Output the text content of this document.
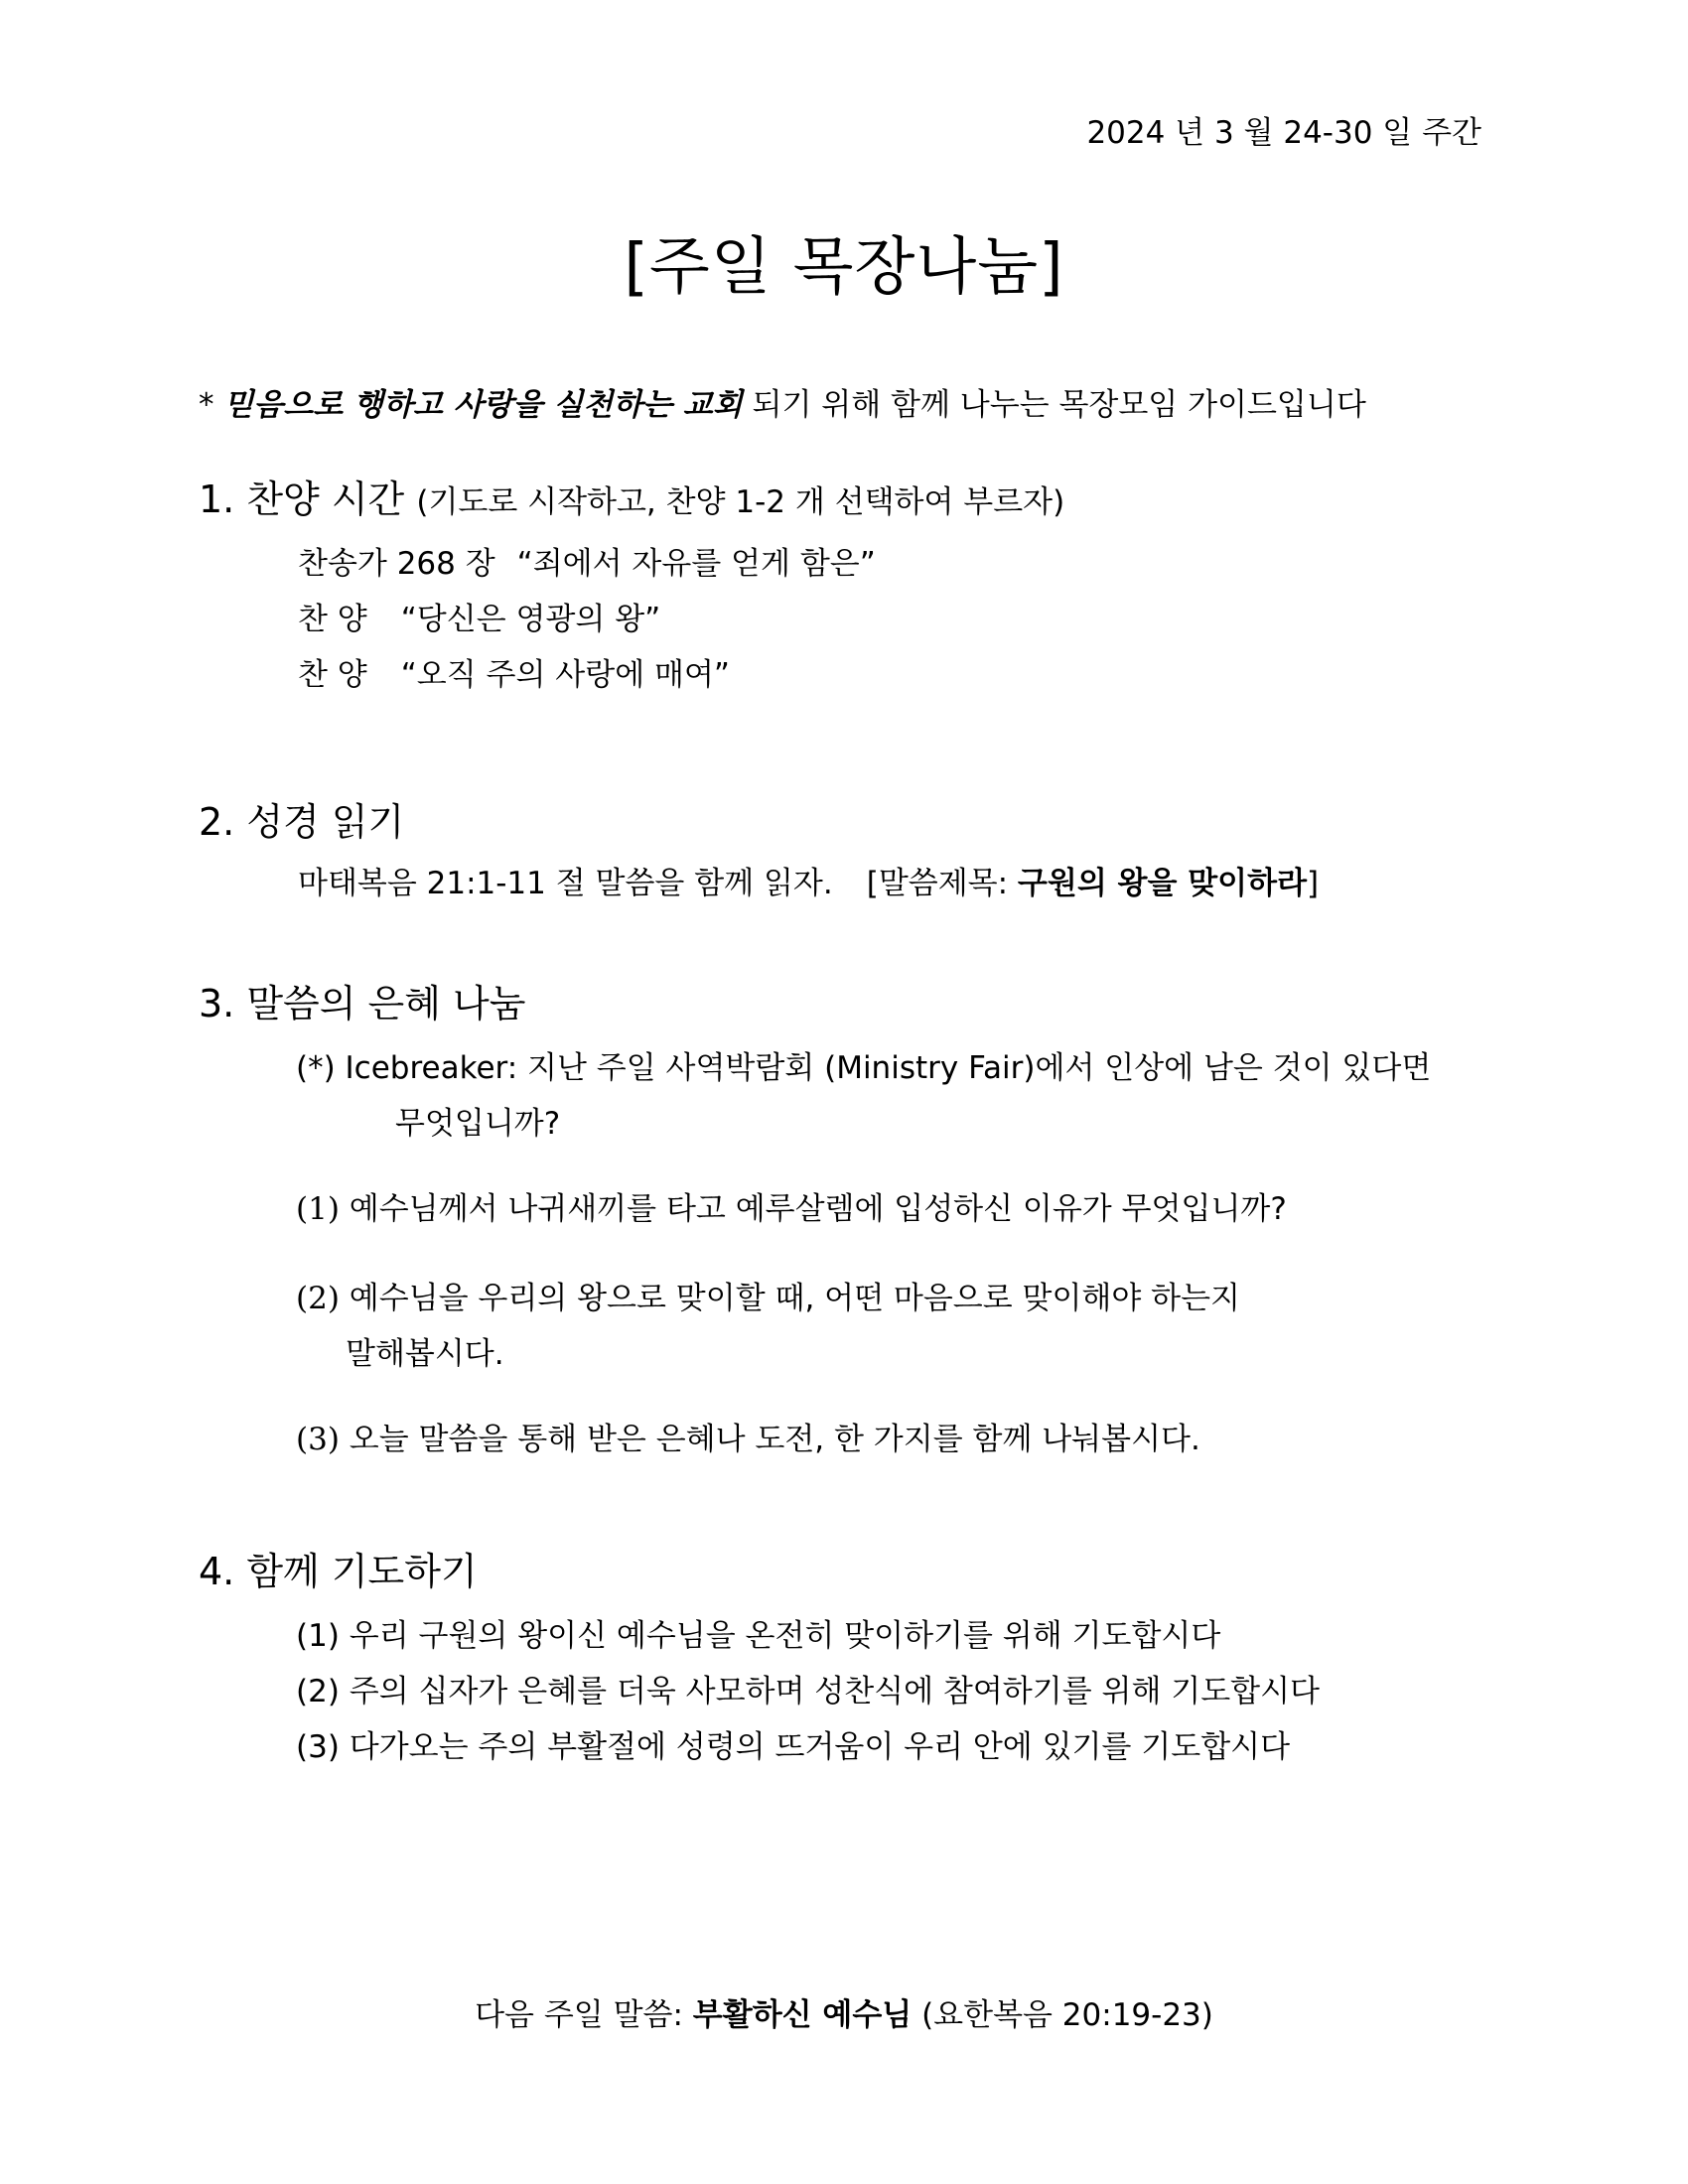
2024 년 3 월 24-30 일 주간
[주일 목장나눔]
* 믿음으로 행하고 사랑을 실천하는 교회 되기 위해 함께 나누는 목장모임 가이드입니다
1. 찬양 시간 (기도로 시작하고, 찬양 1-2 개 선택하여 부르자)
찬송가 268 장 “죄에서 자유를 얻게 함은”
찬 양 “당신은 영광의 왕”
찬 양 “오직 주의 사랑에 매여”
2. 성경 읽기
마태복음 21:1-11 절 말씀을 함께 읽자. [말씀제목: 구원의 왕을 맞이하라]
3. 말씀의 은혜 나눔
(*) Icebreaker: 지난 주일 사역박람회 (Ministry Fair)에서 인상에 남은 것이 있다면
무엇입니까?
(1) 예수님께서 나귀새끼를 타고 예루살렘에 입성하신 이유가 무엇입니까?
(2) 예수님을 우리의 왕으로 맞이할 때, 어떤 마음으로 맞이해야 하는지
말해봅시다.
(3) 오늘 말씀을 통해 받은 은혜나 도전, 한 가지를 함께 나눠봅시다.
4. 함께 기도하기
(1) 우리 구원의 왕이신 예수님을 온전히 맞이하기를 위해 기도합시다
(2) 주의 십자가 은혜를 더욱 사모하며 성찬식에 참여하기를 위해 기도합시다
(3) 다가오는 주의 부활절에 성령의 뜨거움이 우리 안에 있기를 기도합시다
다음 주일 말씀: 부활하신 예수님 (요한복음 20:19-23)
